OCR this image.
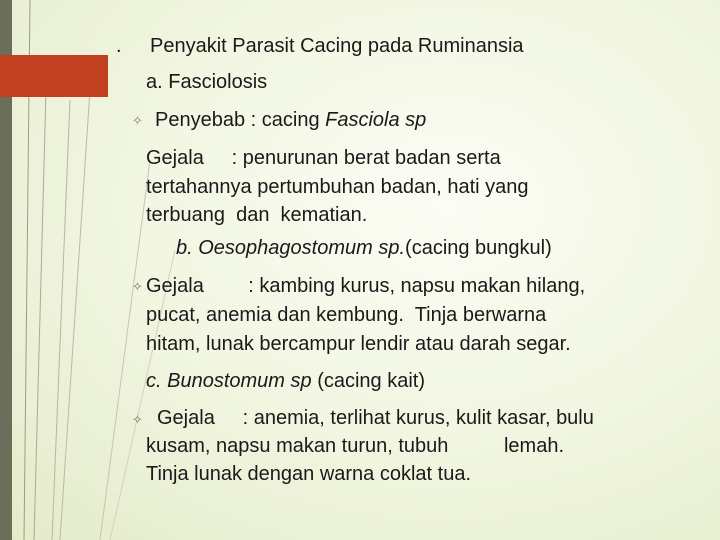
. Penyakit Parasit Cacing pada Ruminansia
a. Fasciolosis
✧ Penyebab : cacing Fasciola sp
Gejala     : penurunan berat badan serta
tertahannya pertumbuhan badan, hati yang
terbuang  dan  kematian.
b. Oesophagostomum sp.(cacing bungkul)
✧ Gejala        : kambing kurus, napsu makan hilang,
pucat, anemia dan kembung.  Tinja berwarna
hitam, lunak bercampur lendir atau darah segar.
c. Bunostomum sp (cacing kait)
✧ Gejala     : anemia, terlihat kurus, kulit kasar, bulu
kusam, napsu makan turun, tubuh          lemah.
Tinja lunak dengan warna coklat tua.
